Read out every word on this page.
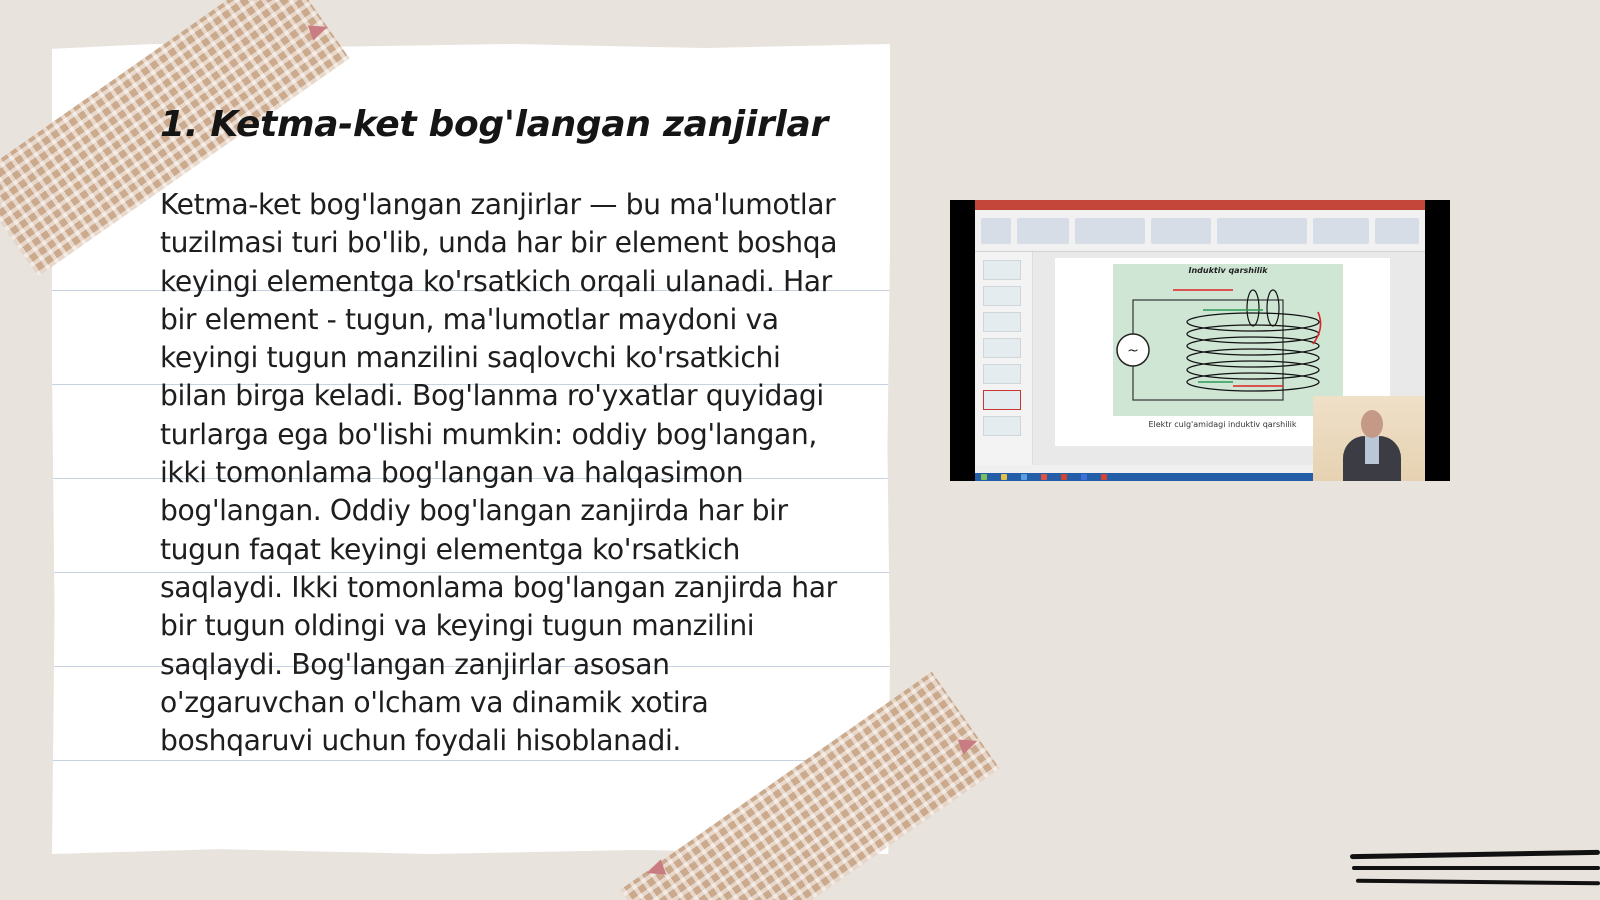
1. Ketma-ket bog'langan zanjirlar

Ketma-ket bog'langan zanjirlar — bu ma'lumotlar tuzilmasi turi bo'lib, unda har bir element boshqa keyingi elementga ko'rsatkich orqali ulanadi. Har bir element - tugun, ma'lumotlar maydoni va keyingi tugun manzilini saqlovchi ko'rsatkichi bilan birga keladi. Bog'lanma ro'yxatlar quyidagi turlarga ega bo'lishi mumkin: oddiy bog'langan, ikki tomonlama bog'langan va halqasimon bog'langan. Oddiy bog'langan zanjirda har bir tugun faqat keyingi elementga ko'rsatkich saqlaydi. Ikki tomonlama bog'langan zanjirda har bir tugun oldingi va keyingi tugun manzilini saqlaydi. Bog'langan zanjirlar asosan o'zgaruvchan o'lcham va dinamik xotira boshqaruvi uchun foydali hisoblanadi.

Induktiv qarshilik
~
Elektr culg'amidagi induktiv qarshilik
